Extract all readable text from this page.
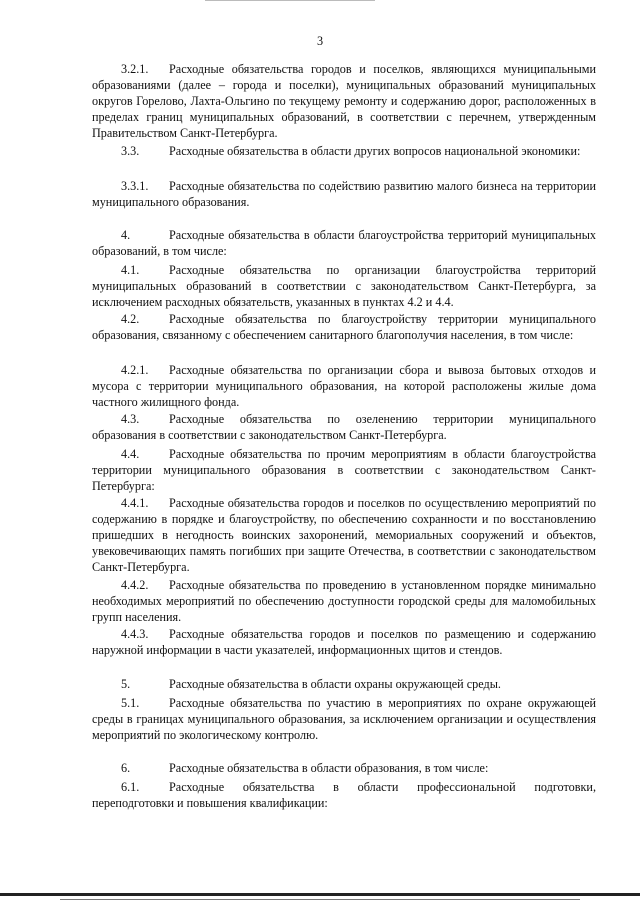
3
3.2.1. Расходные обязательства городов и поселков, являющихся муниципальными образованиями (далее – города и поселки), муниципальных образований муниципальных округов Горелово, Лахта-Ольгино по текущему ремонту и содержанию дорог, расположенных в пределах границ муниципальных образований, в соответствии с перечнем, утвержденным Правительством Санкт-Петербурга.
3.3. Расходные обязательства в области других вопросов национальной экономики:
3.3.1. Расходные обязательства по содействию развитию малого бизнеса на территории муниципального образования.
4.	Расходные обязательства в области благоустройства территорий муниципальных образований, в том числе:
4.1. Расходные обязательства по организации благоустройства территорий муниципальных образований в соответствии с законодательством Санкт-Петербурга, за исключением расходных обязательств, указанных в пунктах 4.2 и 4.4.
4.2. Расходные обязательства по благоустройству территории муниципального образования, связанному с обеспечением санитарного благополучия населения, в том числе:
4.2.1. Расходные обязательства по организации сбора и вывоза бытовых отходов и мусора с территории муниципального образования, на которой расположены жилые дома частного жилищного фонда.
4.3. Расходные обязательства по озеленению территории муниципального образования в соответствии с законодательством Санкт-Петербурга.
4.4. Расходные обязательства по прочим мероприятиям в области благоустройства территории муниципального образования в соответствии с законодательством Санкт-Петербурга:
4.4.1. Расходные обязательства городов и поселков по осуществлению мероприятий по содержанию в порядке и благоустройству, по обеспечению сохранности и по восстановлению пришедших в негодность воинских захоронений, мемориальных сооружений и объектов, увековечивающих память погибших при защите Отечества, в соответствии с законодательством Санкт-Петербурга.
4.4.2. Расходные обязательства по проведению в установленном порядке минимально необходимых мероприятий по обеспечению доступности городской среды для маломобильных групп населения.
4.4.3. Расходные обязательства городов и поселков по размещению и содержанию наружной информации в части указателей, информационных щитов и стендов.
5.	Расходные обязательства в области охраны окружающей среды.
5.1. Расходные обязательства по участию в мероприятиях по охране окружающей среды в границах муниципального образования, за исключением организации и осуществления мероприятий по экологическому контролю.
6.	Расходные обязательства в области образования, в том числе:
6.1. Расходные обязательства в области профессиональной подготовки, переподготовки и повышения квалификации:
